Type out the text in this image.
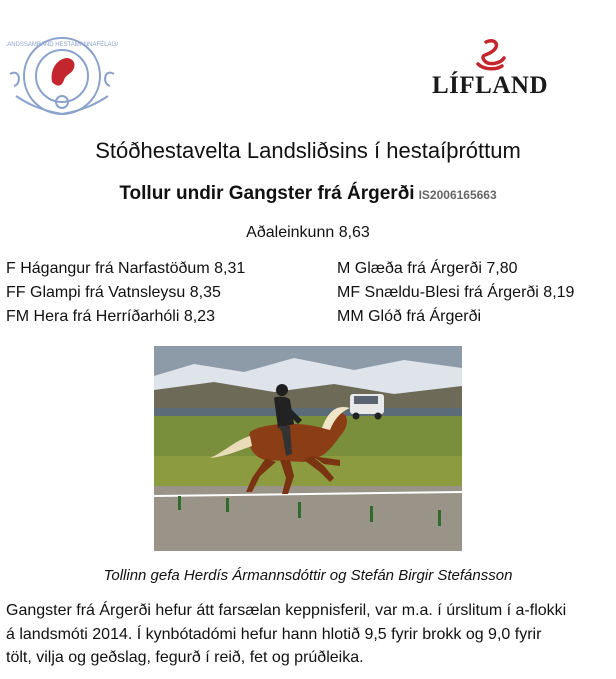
LANDSSAMBAND HESTAMANNAFÉLAGA
LÍFLAND
Stóðhestavelta Landsliðsins í hestaíþróttum
Tollur undir Gangster frá Árgerði IS2006165663
Aðaleinkunn 8,63
F Hágangur frá Narfastöðum 8,31
FF Glampi frá Vatnsleysu 8,35
FM Hera frá Herríðarhóli 8,23
M Glæða frá Árgerði 7,80
MF Snældu-Blesi frá Árgerði 8,19
MM Glóð frá Árgerði
Tollinn gefa Herdís Ármannsdóttir og Stefán Birgir Stefánsson
Gangster frá Árgerði hefur átt farsælan keppnisferil, var m.a. í úrslitum í a-flokki
á landsmóti 2014. Í kynbótadómi hefur hann hlotið 9,5 fyrir brokk og 9,0 fyrir
tölt, vilja og geðslag, fegurð í reið, fet og prúðleika.
